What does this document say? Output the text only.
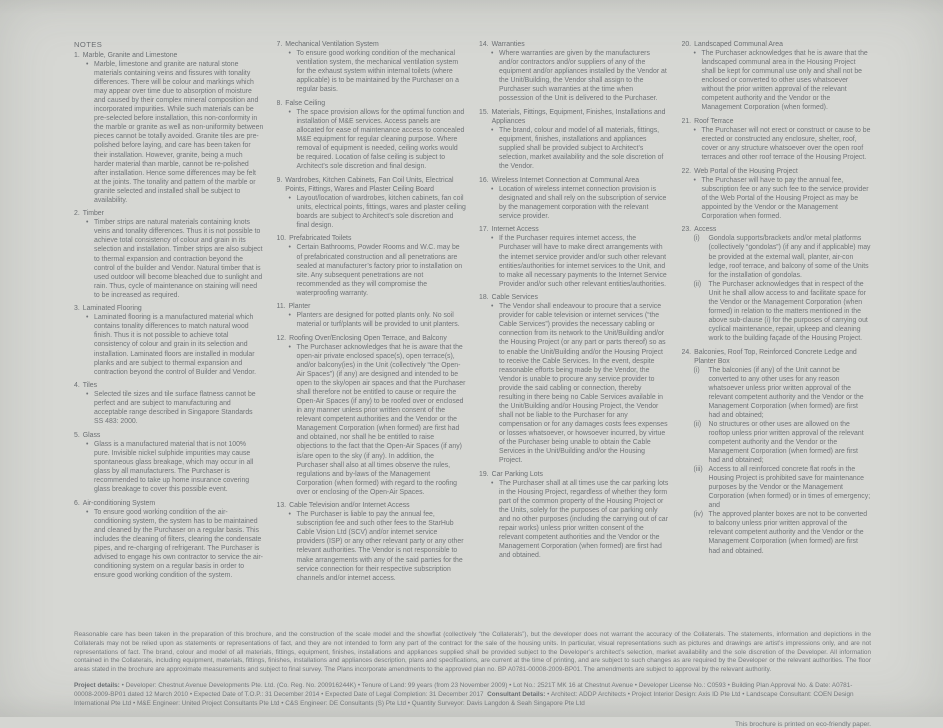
NOTES
1. Marble, Granite and Limestone
• Marble, limestone and granite are natural stone materials containing veins and fissures with tonality differences. There will be colour and markings which may appear over time due to absorption of moisture and caused by their complex mineral composition and incorporated impurities. While such materials can be pre-selected before installation, this non-conformity in the marble or granite as well as non-uniformity between pieces cannot be totally avoided. Granite tiles are pre-polished before laying, and care has been taken for their installation. However, granite, being a much harder material than marble, cannot be re-polished after installation. Hence some differences may be felt at the joints. The tonality and pattern of the marble or granite selected and installed shall be subject to availability.
2. Timber
• Timber strips are natural materials containing knots veins and tonality differences. Thus it is not possible to achieve total consistency of colour and grain in its selection and installation. Timber strips are also subject to thermal expansion and contraction beyond the control of the builder and Vendor. Natural timber that is used outdoor will become bleached due to sunlight and rain. Thus, cycle of maintenance on staining will need to be increased as required.
3. Laminated Flooring
• Laminated flooring is a manufactured material which contains tonality differences to match natural wood finish. Thus it is not possible to achieve total consistency of colour and grain in its selection and installation. Laminated floors are installed in modular planks and are subject to thermal expansion and contraction beyond the control of Builder and Vendor.
4. Tiles
• Selected tile sizes and tile surface flatness cannot be perfect and are subject to manufacturing and acceptable range described in Singapore Standards SS 483: 2000.
5. Glass
• Glass is a manufactured material that is not 100% pure. Invisible nickel sulphide impurities may cause spontaneous glass breakage, which may occur in all glass by all manufacturers. The Purchaser is recommended to take up home insurance covering glass breakage to cover this possible event.
6. Air-conditioning System
• To ensure good working condition of the air-conditioning system, the system has to be maintained and cleaned by the Purchaser on a regular basis. This includes the cleaning of filters, clearing the condensate pipes, and re-charging of refrigerant. The Purchaser is advised to engage his own contractor to service the air-conditioning system on a regular basis in order to ensure good working condition of the system.
7. Mechanical Ventilation System
• To ensure good working condition of the mechanical ventilation system, the mechanical ventilation system for the exhaust system within internal toilets (where applicable) is to be maintained by the Purchaser on a regular basis.
8. False Ceiling
• The space provision allows for the optimal function and installation of M&E services. Access panels are allocated for ease of maintenance access to concealed M&E equipment for regular cleaning purpose. Where removal of equipment is needed, ceiling works would be required. Location of false ceiling is subject to Architect’s sole discretion and final design.
9. Wardrobes, Kitchen Cabinets, Fan Coil Units, Electrical Points, Fittings, Wares and Plaster Ceiling Board
• Layout/location of wardrobes, kitchen cabinets, fan coil units, electrical points, fittings, wares and plaster ceiling boards are subject to Architect’s sole discretion and final design.
10. Prefabricated Toilets
• Certain Bathrooms, Powder Rooms and W.C. may be of prefabricated construction and all penetrations are sealed at manufacturer’s factory prior to installation on site. Any subsequent penetrations are not recommended as they will compromise the waterproofing warranty.
11. Planter
• Planters are designed for potted plants only. No soil material or turf/plants will be provided to unit planters.
12. Roofing Over/Enclosing Open Terrace, and Balcony
• The Purchaser acknowledges that he is aware that the open-air private enclosed space(s), open terrace(s), and/or balcony(ies) in the Unit (collectively “the Open-Air Spaces”) (if any) are designed and intended to be open to the sky/open air spaces and that the Purchaser shall therefore not be entitled to cause or require the Open-Air Spaces (if any) to be roofed over or enclosed in any manner unless prior written consent of the relevant competent authorities and the Vendor or the Management Corporation (when formed) are first had and obtained, nor shall he be entitled to raise objections to the fact that the Open-Air Spaces (if any) is/are open to the sky (if any). In addition, the Purchaser shall also at all times observe the rules, regulations and by-laws of the Management Corporation (when formed) with regard to the roofing over or enclosing of the Open-Air Spaces.
13. Cable Television and/or Internet Access
• The Purchaser is liable to pay the annual fee, subscription fee and such other fees to the StarHub Cable Vision Ltd (SCV) and/or internet service providers (ISP) or any other relevant party or any other relevant authorities. The Vendor is not responsible to make arrangements with any of the said parties for the service connection for their respective subscription channels and/or internet access.
14. Warranties
• Where warranties are given by the manufacturers and/or contractors and/or suppliers of any of the equipment and/or appliances installed by the Vendor at the Unit/Building, the Vendor shall assign to the Purchaser such warranties at the time when possession of the Unit is delivered to the Purchaser.
15. Materials, Fittings, Equipment, Finishes, Installations and Appliances
• The brand, colour and model of all materials, fittings, equipment, finishes, installations and appliances supplied shall be provided subject to Architect’s selection, market availability and the sole discretion of the Vendor.
16. Wireless Internet Connection at Communal Area
• Location of wireless internet connection provision is designated and shall rely on the subscription of service by the management corporation with the relevant service provider.
17. Internet Access
• If the Purchaser requires internet access, the Purchaser will have to make direct arrangements with the internet service provider and/or such other relevant entities/authorities for internet services to the Unit, and to make all necessary payments to the Internet Service Provider and/or such other relevant entities/authorities.
18. Cable Services
• The Vendor shall endeavour to procure that a service provider for cable television or internet services (“the Cable Services”) provides the necessary cabling or connection from its network to the Unit/Building and/or the Housing Project (or any part or parts thereof) so as to enable the Unit/Building and/or the Housing Project to receive the Cable Services. In the event, despite reasonable efforts being made by the Vendor, the Vendor is unable to procure any service provider to provide the said cabling or connection, thereby resulting in there being no Cable Services available in the Unit/Building and/or Housing Project, the Vendor shall not be liable to the Purchaser for any compensation or for any damages costs fees expenses or losses whatsoever, or howsoever incurred, by virtue of the Purchaser being unable to obtain the Cable Services in the Unit/Building and/or the Housing Project.
19. Car Parking Lots
• The Purchaser shall at all times use the car parking lots in the Housing Project, regardless of whether they form part of the common property of the Housing Project or the Units, solely for the purposes of car parking only and no other purposes (including the carrying out of car repair works) unless prior written consent of the relevant competent authorities and the Vendor or the Management Corporation (when formed) are first had and obtained.
20. Landscaped Communal Area
• The Purchaser acknowledges that he is aware that the landscaped communal area in the Housing Project shall be kept for communal use only and shall not be enclosed or converted to other uses whatsoever without the prior written approval of the relevant competent authority and the Vendor or the Management Corporation (when formed).
21. Roof Terrace
• The Purchaser will not erect or construct or cause to be erected or constructed any enclosure, shelter, roof, cover or any structure whatsoever over the open roof terraces and other roof terrace of the Housing Project.
22. Web Portal of the Housing Project
• The Purchaser will have to pay the annual fee, subscription fee or any such fee to the service provider of the Web Portal of the Housing Project as may be appointed by the Vendor or the Management Corporation when formed.
23. Access
(i)	Gondola supports/brackets and/or metal platforms (collectively “gondolas”) (if any and if applicable) may be provided at the external wall, planter, air-con ledge, roof terrace, and balcony of some of the Units for the installation of gondolas.
(ii)	The Purchaser acknowledges that in respect of the Unit he shall allow access to and facilitate space for the Vendor or the Management Corporation (when formed) in relation to the matters mentioned in the above sub-clause (i) for the purposes of carrying out cyclical maintenance, repair, upkeep and cleaning work to the building façade of the Housing Project.
24. Balconies, Roof Top, Reinforced Concrete Ledge and Planter Box
(i)	The balconies (if any) of the Unit cannot be converted to any other uses for any reason whatsoever unless prior written approval of the relevant competent authority and the Vendor or the Management Corporation (when formed) are first had and obtained;
(ii)	No structures or other uses are allowed on the rooftop unless prior written approval of the relevant competent authority and the Vendor or the Management Corporation (when formed) are first had and obtained;
(iii) Access to all reinforced concrete flat roofs in the Housing Project is prohibited save for maintenance purposes by the Vendor or the Management Corporation (when formed) or in times of emergency; and
(iv) The approved planter boxes are not to be converted to balcony unless prior written approval of the relevant competent authority and the Vendor or the Management Corporation (when formed) are first had and obtained.

Reasonable care has been taken in the preparation of this brochure, and the construction of the scale model and the showflat (collectively “the Collaterals”), but the developer does not warrant the accuracy of the Collaterals. The statements, information and depictions in the Collaterals may not be relied upon as statements or representations of fact, and they are not intended to form any part of the contract for the sale of the housing units. In particular, visual representations such as pictures and drawings are artist’s impressions only, and are not representations of fact. The brand, colour and model of all materials, fittings, equipment, finishes, installations and appliances supplied shall be provided subject to the Developer’s architect’s selection, market availability and the sole discretion of the Developer. All information contained in the Collaterals, including equipment, materials, fittings, finishes, installations and appliances description, plans and specifications, are current at the time of printing, and are subject to such changes as are required by the Developer or the relevant authorities. The floor areas stated in the brochure are approximate measurements and subject to final survey. The Plans incorporate amendments to the approved plan no. BP A0781-00008-2009-BP01. The amendments are subject to approval by the relevant authority.

Project details: • Developer: Chestnut Avenue Developments Pte. Ltd. (Co. Reg. No. 200916244K) • Tenure of Land: 99 years (from 23 November 2009) • Lot No.: 2521T MK 16 at Chestnut Avenue • Developer License No.: C0593 • Building Plan Approval No. & Date: A0781-00008-2009-BP01 dated 12 March 2010 • Expected Date of T.O.P.: 31 December 2014 • Expected Date of Legal Completion: 31 December 2017 Consultant Details: • Architect: ADDP Architects • Project Interior Design: Axis ID Pte Ltd • Landscape Consultant: COEN Design International Pte Ltd • M&E Engineer: United Project Consultants Pte Ltd • C&S Engineer: DE Consultants (S) Pte Ltd • Quantity Surveyor: Davis Langdon & Seah Singapore Pte Ltd

This brochure is printed on eco-friendly paper.
